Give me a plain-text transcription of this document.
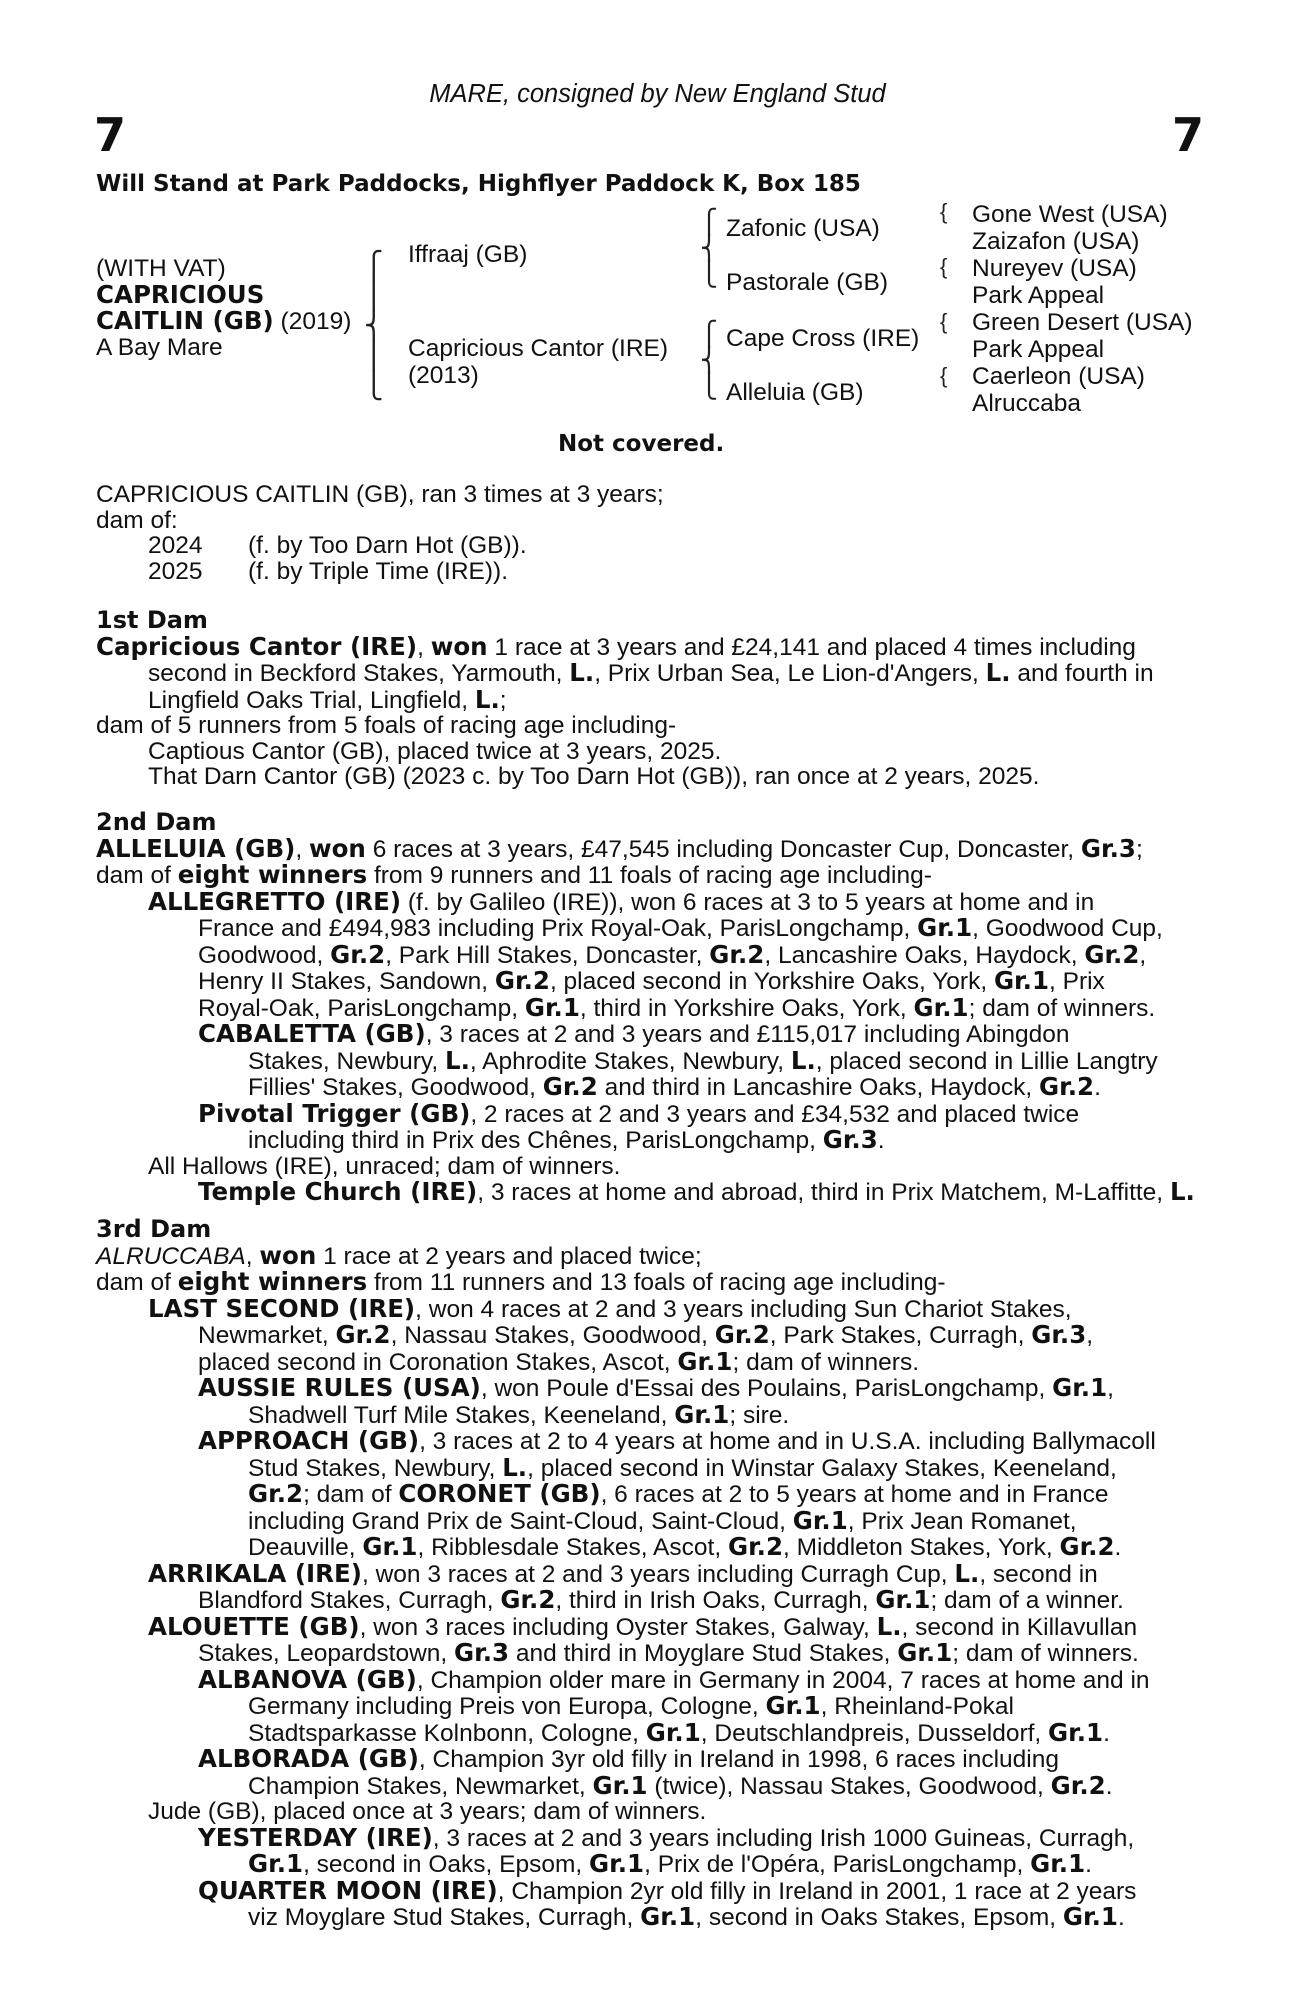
MARE, consigned by New England Stud
7	7
Will Stand at Park Paddocks, Highflyer Paddock K, Box 185
(WITH VAT)
CAPRICIOUS
CAITLIN (GB) (2019)
A Bay Mare
⎧
⎪
⎨
⎪
⎩
Iffraaj (GB)
Capricious Cantor (IRE)
(2013)
⎧
⎨
⎩
Zafonic (USA)
Pastorale (GB)
⎧
⎨
⎩
Cape Cross (IRE)
Alleluia (GB)
{
{
{
{
Gone West (USA)
Zaizafon (USA)
Nureyev (USA)
Park Appeal
Green Desert (USA)
Park Appeal
Caerleon (USA)
Alruccaba
Not covered.
CAPRICIOUS CAITLIN (GB), ran 3 times at 3 years;
dam of:
2024 (f. by Too Darn Hot (GB)).
2025 (f. by Triple Time (IRE)).
1st Dam
Capricious Cantor (IRE), won 1 race at 3 years and £24,141 and placed 4 times including
second in Beckford Stakes, Yarmouth, L., Prix Urban Sea, Le Lion-d'Angers, L. and fourth in
Lingfield Oaks Trial, Lingfield, L.;
dam of 5 runners from 5 foals of racing age including-
Captious Cantor (GB), placed twice at 3 years, 2025.
That Darn Cantor (GB) (2023 c. by Too Darn Hot (GB)), ran once at 2 years, 2025.
2nd Dam
ALLELUIA (GB), won 6 races at 3 years, £47,545 including Doncaster Cup, Doncaster, Gr.3;
dam of eight winners from 9 runners and 11 foals of racing age including-
ALLEGRETTO (IRE) (f. by Galileo (IRE)), won 6 races at 3 to 5 years at home and in
France and £494,983 including Prix Royal-Oak, ParisLongchamp, Gr.1, Goodwood Cup,
Goodwood, Gr.2, Park Hill Stakes, Doncaster, Gr.2, Lancashire Oaks, Haydock, Gr.2,
Henry II Stakes, Sandown, Gr.2, placed second in Yorkshire Oaks, York, Gr.1, Prix
Royal-Oak, ParisLongchamp, Gr.1, third in Yorkshire Oaks, York, Gr.1; dam of winners.
CABALETTA (GB), 3 races at 2 and 3 years and £115,017 including Abingdon
Stakes, Newbury, L., Aphrodite Stakes, Newbury, L., placed second in Lillie Langtry
Fillies' Stakes, Goodwood, Gr.2 and third in Lancashire Oaks, Haydock, Gr.2.
Pivotal Trigger (GB), 2 races at 2 and 3 years and £34,532 and placed twice
including third in Prix des Chênes, ParisLongchamp, Gr.3.
All Hallows (IRE), unraced; dam of winners.
Temple Church (IRE), 3 races at home and abroad, third in Prix Matchem, M-Laffitte, L.
3rd Dam
ALRUCCABA, won 1 race at 2 years and placed twice;
dam of eight winners from 11 runners and 13 foals of racing age including-
LAST SECOND (IRE), won 4 races at 2 and 3 years including Sun Chariot Stakes,
Newmarket, Gr.2, Nassau Stakes, Goodwood, Gr.2, Park Stakes, Curragh, Gr.3,
placed second in Coronation Stakes, Ascot, Gr.1; dam of winners.
AUSSIE RULES (USA), won Poule d'Essai des Poulains, ParisLongchamp, Gr.1,
Shadwell Turf Mile Stakes, Keeneland, Gr.1; sire.
APPROACH (GB), 3 races at 2 to 4 years at home and in U.S.A. including Ballymacoll
Stud Stakes, Newbury, L., placed second in Winstar Galaxy Stakes, Keeneland,
Gr.2; dam of CORONET (GB), 6 races at 2 to 5 years at home and in France
including Grand Prix de Saint-Cloud, Saint-Cloud, Gr.1, Prix Jean Romanet,
Deauville, Gr.1, Ribblesdale Stakes, Ascot, Gr.2, Middleton Stakes, York, Gr.2.
ARRIKALA (IRE), won 3 races at 2 and 3 years including Curragh Cup, L., second in
Blandford Stakes, Curragh, Gr.2, third in Irish Oaks, Curragh, Gr.1; dam of a winner.
ALOUETTE (GB), won 3 races including Oyster Stakes, Galway, L., second in Killavullan
Stakes, Leopardstown, Gr.3 and third in Moyglare Stud Stakes, Gr.1; dam of winners.
ALBANOVA (GB), Champion older mare in Germany in 2004, 7 races at home and in
Germany including Preis von Europa, Cologne, Gr.1, Rheinland-Pokal
Stadtsparkasse Kolnbonn, Cologne, Gr.1, Deutschlandpreis, Dusseldorf, Gr.1.
ALBORADA (GB), Champion 3yr old filly in Ireland in 1998, 6 races including
Champion Stakes, Newmarket, Gr.1 (twice), Nassau Stakes, Goodwood, Gr.2.
Jude (GB), placed once at 3 years; dam of winners.
YESTERDAY (IRE), 3 races at 2 and 3 years including Irish 1000 Guineas, Curragh,
Gr.1, second in Oaks, Epsom, Gr.1, Prix de l'Opéra, ParisLongchamp, Gr.1.
QUARTER MOON (IRE), Champion 2yr old filly in Ireland in 2001, 1 race at 2 years
viz Moyglare Stud Stakes, Curragh, Gr.1, second in Oaks Stakes, Epsom, Gr.1.
